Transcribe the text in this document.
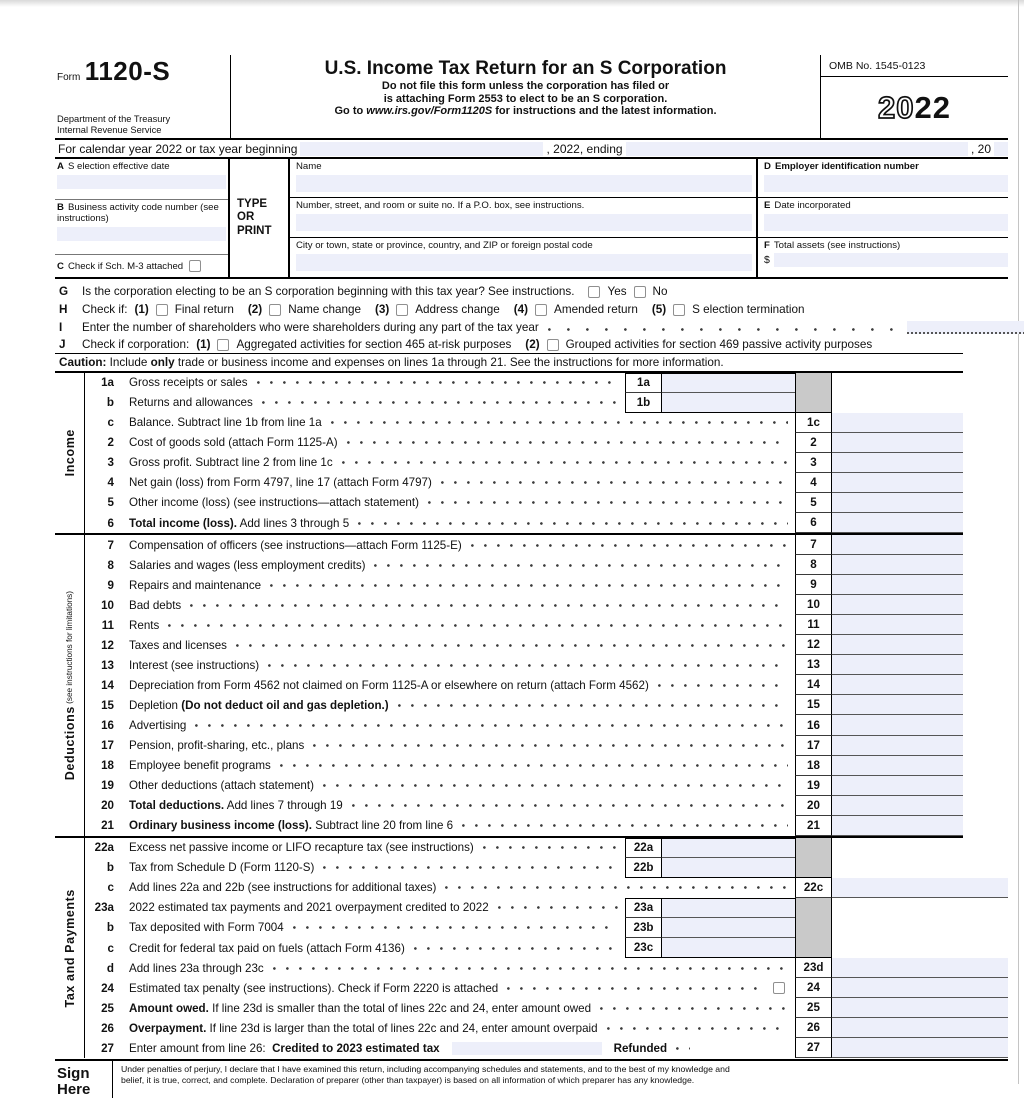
Form 1120-S
Department of the Treasury
Internal Revenue Service
U.S. Income Tax Return for an S Corporation
Do not file this form unless the corporation has filed or
is attaching Form 2553 to elect to be an S corporation.
Go to www.irs.gov/Form1120S for instructions and the latest information.
OMB No. 1545-0123
20 22
For calendar year 2022 or tax year beginning	, 2022, ending	, 20
A S election effective date
B Business activity code number (see instructions)
C Check if Sch. M-3 attached
TYPE
OR
PRINT
Name
Number, street, and room or suite no. If a P.O. box, see instructions.
City or town, state or province, country, and ZIP or foreign postal code
D Employer identification number
E Date incorporated
F Total assets (see instructions)
$
G	Is the corporation electing to be an S corporation beginning with this tax year? See instructions.	Yes No
H	Check if: (1) Final return (2) Name change (3) Address change (4) Amended return (5) S election termination
I	Enter the number of shareholders who were shareholders during any part of the tax year
J	Check if corporation: (1) Aggregated activities for section 465 at-risk purposes (2) Grouped activities for section 469 passive activity purposes
Caution: Include only trade or business income and expenses on lines 1a through 21. See the instructions for more information.
Income
1a	Gross receipts or sales	1a
b	Returns and allowances	1b
c	Balance. Subtract line 1b from line 1a	1c
2	Cost of goods sold (attach Form 1125-A)	2
3	Gross profit. Subtract line 2 from line 1c	3
4	Net gain (loss) from Form 4797, line 17 (attach Form 4797)	4
5	Other income (loss) (see instructions—attach statement)	5
6	Total income (loss). Add lines 3 through 5	6
Deductions (see instructions for limitations)
7	Compensation of officers (see instructions—attach Form 1125-E)	7
8	Salaries and wages (less employment credits)	8
9	Repairs and maintenance	9
10	Bad debts	10
11	Rents	11
12	Taxes and licenses	12
13	Interest (see instructions)	13
14	Depreciation from Form 4562 not claimed on Form 1125-A or elsewhere on return (attach Form 4562)	14
15	Depletion (Do not deduct oil and gas depletion.)	15
16	Advertising	16
17	Pension, profit-sharing, etc., plans	17
18	Employee benefit programs	18
19	Other deductions (attach statement)	19
20	Total deductions. Add lines 7 through 19	20
21	Ordinary business income (loss). Subtract line 20 from line 6	21
Tax and Payments
22a	Excess net passive income or LIFO recapture tax (see instructions)	22a
b	Tax from Schedule D (Form 1120-S)	22b
c	Add lines 22a and 22b (see instructions for additional taxes)	22c
23a	2022 estimated tax payments and 2021 overpayment credited to 2022	23a
b	Tax deposited with Form 7004	23b
c	Credit for federal tax paid on fuels (attach Form 4136)	23c
d	Add lines 23a through 23c	23d
24	Estimated tax penalty (see instructions). Check if Form 2220 is attached	24
25	Amount owed. If line 23d is smaller than the total of lines 22c and 24, enter amount owed	25
26	Overpayment. If line 23d is larger than the total of lines 22c and 24, enter amount overpaid	26
27	Enter amount from line 26: Credited to 2023 estimated tax	Refunded	27
Sign
Here
Under penalties of perjury, I declare that I have examined this return, including accompanying schedules and statements, and to the best of my knowledge and
belief, it is true, correct, and complete. Declaration of preparer (other than taxpayer) is based on all information of which preparer has any knowledge.
